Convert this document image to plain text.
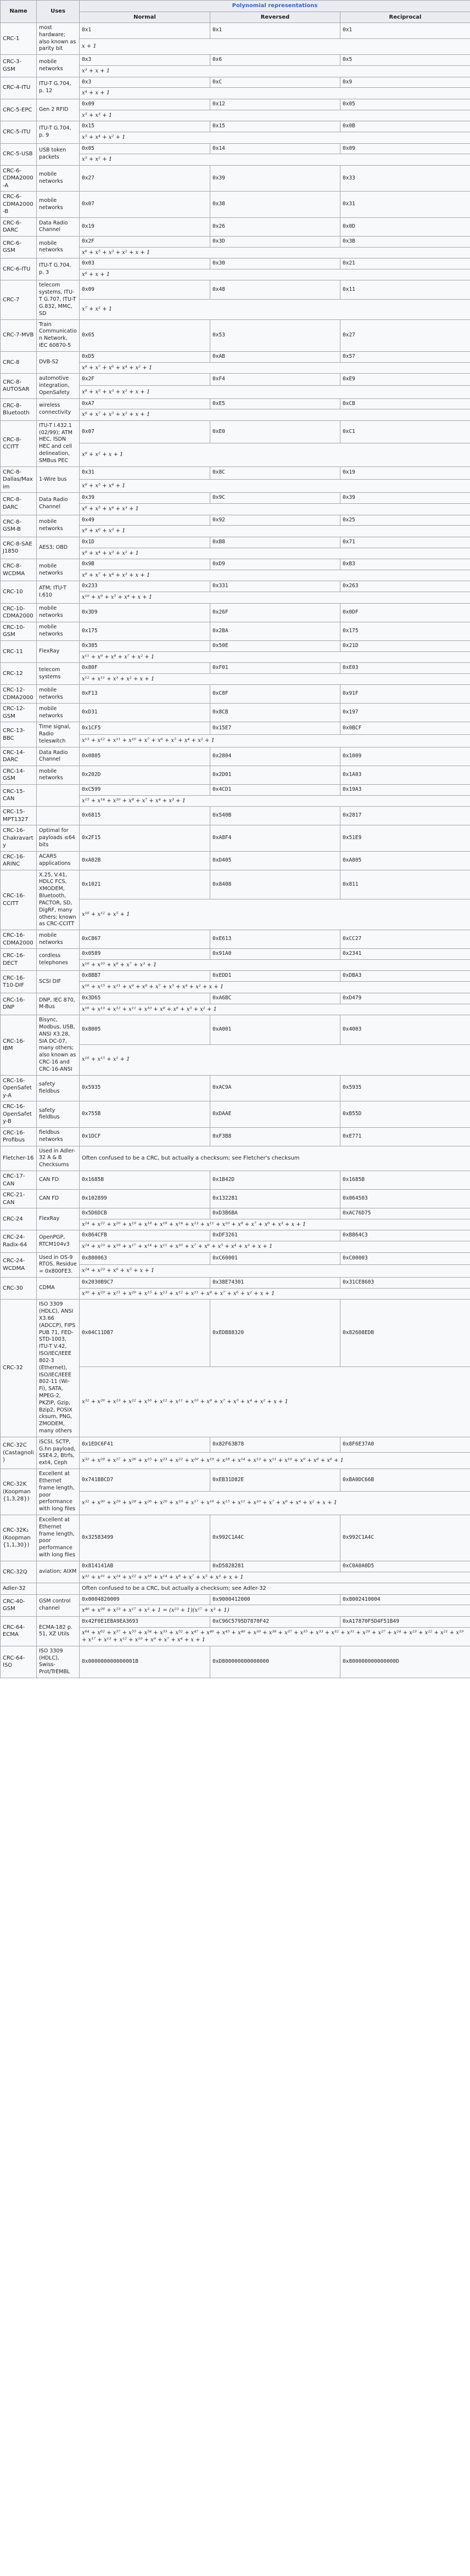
Name	Uses	Polynomial representations		
		Normal	Reversed	Reciprocal
CRC-1	most hardware; also known as parity bit	0x1	0x1	0x1
		x + 1		
CRC-3-GSM	mobile networks	0x3	0x6	0x5
		x³ + x + 1		
CRC-4-ITU	ITU-T G.704, p. 12	0x3	0xC	0x9
		x⁴ + x + 1		
CRC-5-EPC	Gen 2 RFID	0x09	0x12	0x05
		x⁵ + x³ + 1		
CRC-5-ITU	ITU-T G.704, p. 9	0x15	0x15	0x0B
		x⁵ + x⁴ + x² + 1		
CRC-5-USB	USB token packets	0x05	0x14	0x09
		x⁵ + x² + 1		
CRC-6-CDMA2000-A	mobile networks	0x27	0x39	0x33
CRC-6-CDMA2000-B	mobile networks	0x07	0x38	0x31
CRC-6-DARC	Data Radio Channel	0x19	0x26	0x0D
CRC-6-GSM	mobile networks	0x2F	0x3D	0x3B
		x⁶ + x⁵ + x³ + x² + x + 1		
CRC-6-ITU	ITU-T G.704, p. 3	0x03	0x30	0x21
		x⁶ + x + 1		
CRC-7	telecom systems, ITU-T G.707, ITU-T G.832, MMC, SD	0x09	0x48	0x11
		x⁷ + x³ + 1		
CRC-7-MVB	Train Communication Network, IEC 60870-5	0x65	0x53	0x27
CRC-8	DVB-S2	0xD5	0xAB	0x57
		x⁸ + x⁷ + x⁶ + x⁴ + x² + 1		
CRC-8-AUTOSAR	automotive integration, OpenSafety	0x2F	0xF4	0xE9
		x⁸ + x⁵ + x³ + x² + x + 1		
CRC-8-Bluetooth	wireless connectivity	0xA7	0xE5	0xCB
		x⁸ + x⁷ + x⁵ + x² + x + 1		
CRC-8-CCITT	ITU-T I.432.1 (02/99); ATM HEC, ISDN HEC and cell delineation, SMBus PEC	0x07	0xE0	0xC1
		x⁸ + x² + x + 1		
CRC-8-Dallas/Maxim	1-Wire bus	0x31	0x8C	0x19
		x⁸ + x⁵ + x⁴ + 1		
CRC-8-DARC	Data Radio Channel	0x39	0x9C	0x39
		x⁸ + x⁵ + x⁴ + x³ + 1		
CRC-8-GSM-B	mobile networks	0x49	0x92	0x25
		x⁸ + x⁶ + x³ + 1		
CRC-8-SAE J1850	AES3; OBD	0x1D	0xB8	0x71
		x⁸ + x⁴ + x³ + x² + 1		
CRC-8-WCDMA	mobile networks	0x9B	0xD9	0xB3
		x⁸ + x⁷ + x⁴ + x³ + x + 1		
CRC-10	ATM; ITU-T I.610	0x233	0x331	0x263
		x¹⁰ + x⁹ + x⁵ + x⁴ + x + 1		
CRC-10-CDMA2000	mobile networks	0x3D9	0x26F	0x0DF
CRC-10-GSM	mobile networks	0x175	0x2BA	0x175
CRC-11	FlexRay	0x385	0x50E	0x21D
		x¹¹ + x⁹ + x⁸ + x⁷ + x² + 1		
CRC-12	telecom systems	0x80F	0xF01	0xE03
		x¹² + x¹¹ + x³ + x² + x + 1		
CRC-12-CDMA2000	mobile networks	0xF13	0xC8F	0x91F
CRC-12-GSM	mobile networks	0xD31	0x8CB	0x197
CRC-13-BBC	Time signal, Radio teleswitch	0x1CF5	0x15E7	0x0BCF
		x¹³ + x¹² + x¹¹ + x¹⁰ + x⁷ + x⁶ + x⁵ + x⁴ + x² + 1		
CRC-14-DARC	Data Radio Channel	0x0805	0x2804	0x1009
CRC-14-GSM	mobile networks	0x202D	0x2D01	0x1A03
CRC-15-CAN		0xC599	0x4CD1	0x19A3
		x¹⁵ + x¹⁴ + x¹⁰ + x⁸ + x⁷ + x⁴ + x³ + 1		
CRC-15-MPT1327		0x6815	0x540B	0x2817
CRC-16-Chakravarty	Optimal for payloads ≤64 bits	0x2F15	0xA8F4	0x51E9
CRC-16-ARINC	ACARS applications	0xA02B	0xD405	0xA805
CRC-16-CCITT	X.25, V.41, HDLC FCS, XMODEM, Bluetooth, PACTOR, SD, DigRF, many others; known as CRC-CCITT	0x1021	0x8408	0x811
		x¹⁶ + x¹² + x⁵ + 1		
CRC-16-CDMA2000	mobile networks	0xC867	0xE613	0xCC27
CRC-16-DECT	cordless telephones	0x0589	0x91A0	0x2341
		x¹⁶ + x¹⁰ + x⁸ + x⁷ + x³ + 1		
CRC-16-T10-DIF	SCSI DIF	0x8BB7	0xEDD1	0xDBA3
		x¹⁶ + x¹⁵ + x¹¹ + x⁹ + x⁸ + x⁷ + x⁵ + x⁴ + x² + x + 1		
CRC-16-DNP	DNP, IEC 870, M-Bus	0x3D65	0xA6BC	0xD479
		x¹⁶ + x¹³ + x¹² + x¹¹ + x¹⁰ + x⁸ + x⁶ + x⁵ + x² + 1		
CRC-16-IBM	Bisync, Modbus, USB, ANSI X3.28, SIA DC-07, many others; also known as CRC-16 and CRC-16-ANSI	0x8005	0xA001	0x4003
		x¹⁶ + x¹⁵ + x² + 1		
CRC-16-OpenSafety-A	safety fieldbus	0x5935	0xAC9A	0x5935
CRC-16-OpenSafety-B	safety fieldbus	0x755B	0xDAAE	0xB55D
CRC-16-Profibus	fieldbus networks	0x1DCF	0xF3B8	0xE771
Fletcher-16	Used in Adler-32 A & B Checksums	Often confused to be a CRC, but actually a checksum; see Fletcher's checksum		
CRC-17-CAN	CAN FD	0x1685B	0x1B42D	0x1685B
CRC-21-CAN	CAN FD	0x102899	0x132281	0x064503
CRC-24	FlexRay	0x5D6DCB	0xD3B6BA	0xAC76D75
		x²⁴ + x²² + x²⁰ + x¹⁹ + x¹⁸ + x¹⁶ + x¹⁴ + x¹³ + x¹¹ + x¹⁰ + x⁸ + x⁷ + x⁶ + x³ + x + 1		
CRC-24-Radix-64	OpenPGP, RTCM104v3	0x864CFB	0xDF3261	0xB864C3
		x²⁴ + x²³ + x¹⁸ + x¹⁷ + x¹⁴ + x¹¹ + x¹⁰ + x⁷ + x⁶ + x⁵ + x⁴ + x³ + x + 1		
CRC-24-WCDMA	Used in OS-9 RTOS. Residue = 0x800FE3.	0x800063	0xC60001	0xC00003
		x²⁴ + x²³ + x⁶ + x⁵ + x + 1		
CRC-30	CDMA	0x2030B9C7	0x38E74301	0x31CE8603
		x³⁰ + x²⁹ + x²¹ + x²⁰ + x¹⁵ + x¹³ + x¹² + x¹¹ + x⁸ + x⁷ + x⁶ + x² + x + 1		
CRC-32	ISO 3309 (HDLC), ANSI X3.66 (ADCCP), FIPS PUB 71, FED-STD-1003, ITU-T V.42, ISO/IEC/IEEE 802-3 (Ethernet), ISO/IEC/IEEE 802-11 (Wi-Fi), SATA, MPEG-2, PKZIP, Gzip, Bzip2, POSIX cksum, PNG, ZMODEM, many others	0x04C11DB7	0xEDB88320	0x82608EDB
		x³² + x²⁶ + x²³ + x²² + x¹⁶ + x¹² + x¹¹ + x¹⁰ + x⁸ + x⁷ + x⁵ + x⁴ + x² + x + 1		
CRC-32C (Castagnoli)	iSCSI, SCTP, G.hn payload, SSE4.2, Btrfs, ext4, Ceph	0x1EDC6F41	0x82F63B78	0x8F6E37A0
		x³² + x²⁸ + x²⁷ + x²⁶ + x²⁵ + x²³ + x²² + x²⁰ + x¹⁹ + x¹⁸ + x¹⁴ + x¹³ + x¹¹ + x¹⁰ + x⁹ + x⁸ + x⁶ + 1		
CRC-32K (Koopman {1,3,28})	Excellent at Ethernet frame length, poor performance with long files	0x741B8CD7	0xEB31D82E	0xBA0DC66B
		x³² + x³⁰ + x²⁹ + x²⁸ + x²⁶ + x²⁰ + x¹⁹ + x¹⁷ + x¹⁶ + x¹⁵ + x¹¹ + x¹⁰ + x⁷ + x⁶ + x⁴ + x² + x + 1		
CRC-32K₂ (Koopman {1,1,30})	Excellent at Ethernet frame length, poor performance with long files	0x32583499	0x992C1A4C	0x992C1A4C
CRC-32Q	aviation; AIXM	0x814141AB	0xD5828281	0xC0A0A0D5
		x³² + x³¹ + x²⁴ + x²² + x¹⁶ + x¹⁴ + x⁸ + x⁷ + x⁵ + x³ + x + 1		
Adler-32		Often confused to be a CRC, but actually a checksum; see Adler-32		
CRC-40-GSM	GSM control channel	0x0004820009	0x9000412000	0x8002410004
		x⁴⁰ + x²⁶ + x²³ + x¹⁷ + x³ + 1 = (x²³ + 1)(x¹⁷ + x³ + 1)		
CRC-64-ECMA	ECMA-182 p. 51, XZ Utils	0x42F0E1EBA9EA3693	0xC96C5795D7870F42	0xA17870F5D4F51B49
		x⁶⁴ + x⁶² + x⁵⁷ + x⁵⁵ + x⁵⁴ + x⁵³ + x⁵² + x⁴⁷ + x⁴⁶ + x⁴⁵ + x⁴⁰ + x³⁹ + x³⁸ + x³⁷ + x³⁵ + x³³ + x³² + x³¹ + x²⁹ + x²⁷ + x²⁴ + x²³ + x²² + x²¹ + x¹⁹ + x¹⁷ + x¹³ + x¹² + x¹⁰ + x⁹ + x⁷ + x⁴ + x + 1		
CRC-64-ISO	ISO 3309 (HDLC), Swiss-Prot/TrEMBL	0x000000000000001B	0xD800000000000000	0x800000000000000D
